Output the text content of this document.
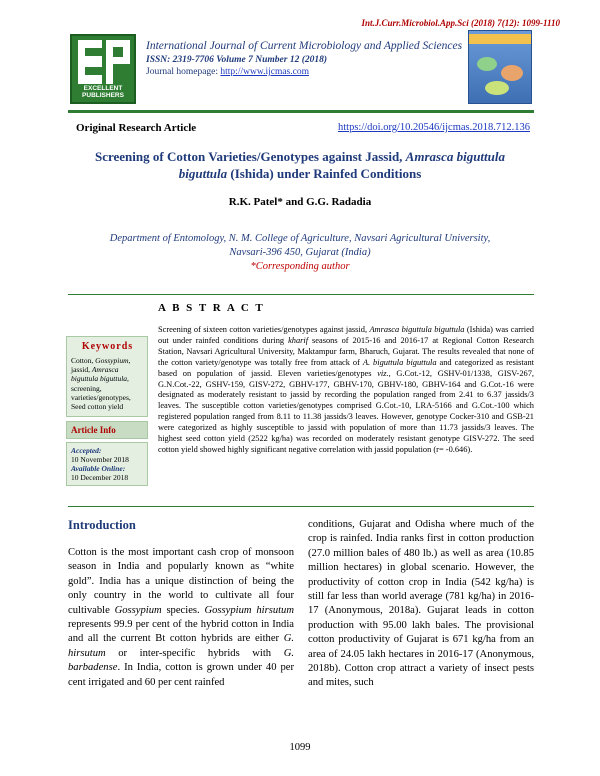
Int.J.Curr.Microbiol.App.Sci (2018) 7(12): 1099-1110
EXCELLENT PUBLISHERS
International Journal of Current Microbiology and Applied Sciences
ISSN: 2319-7706 Volume 7 Number 12 (2018)
Journal homepage: http://www.ijcmas.com
Original Research Article	https://doi.org/10.20546/ijcmas.2018.712.136
Screening of Cotton Varieties/Genotypes against Jassid, Amrasca biguttula biguttula (Ishida) under Rainfed Conditions
R.K. Patel* and G.G. Radadia
Department of Entomology, N. M. College of Agriculture, Navsari Agricultural University,
Navsari-396 450, Gujarat (India)
*Corresponding author
A B S T R A C T
Keywords
Cotton, Gossypium, jassid, Amrasca biguttula biguttula, screening, varieties/genotypes, Seed cotton yield
Article Info
Accepted:
10 November 2018
Available Online:
10 December 2018
Screening of sixteen cotton varieties/genotypes against jassid, Amrasca biguttula biguttula (Ishida) was carried out under rainfed conditions during kharif seasons of 2015-16 and 2016-17 at Regional Cotton Research Station, Navsari Agricultural University, Maktampur farm, Bharuch, Gujarat. The results revealed that none of the cotton variety/genotype was totally free from attack of A. biguttula biguttula and categorized as resistant based on population of jassid. Eleven varieties/genotypes viz., G.Cot.-12, GSHV-01/1338, GISV-267, G.N.Cot.-22, GSHV-159, GISV-272, GBHV-177, GBHV-170, GBHV-180, GBHV-164 and G.Cot.-16 were designated as moderately resistant to jassid by recording the population ranged from 2.41 to 6.37 jassids/3 leaves. The susceptible cotton varieties/genotypes comprised G.Cot.-10, LRA-5166 and G.Cot.-100 which registered population ranged from 8.11 to 11.38 jassids/3 leaves. However, genotype Cocker-310 and GSB-21 were categorized as highly susceptible to jassid with population of more than 11.73 jassids/3 leaves. The highest seed cotton yield (2522 kg/ha) was recorded on moderately resistant genotype GISV-272. The seed cotton yield showed highly significant negative correlation with jassid population (r= -0.646).
Introduction
Cotton is the most important cash crop of monsoon season in India and popularly known as “white gold”. India has a unique distinction of being the only country in the world to cultivate all four cultivable Gossypium species. Gossypium hirsutum represents 99.9 per cent of the hybrid cotton in India and all the current Bt cotton hybrids are either G. hirsutum or inter-specific hybrids with G. barbadense. In India, cotton is grown under 40 per cent irrigated and 60 per cent rainfed
conditions, Gujarat and Odisha where much of the crop is rainfed. India ranks first in cotton production (27.0 million bales of 480 lb.) as well as area (10.85 million hectares) in global scenario. However, the productivity of cotton crop in India (542 kg/ha) is still far less than world average (781 kg/ha) in 2016-17 (Anonymous, 2018a). Gujarat leads in cotton production with 95.00 lakh bales. The provisional cotton productivity of Gujarat is 671 kg/ha from an area of 24.05 lakh hectares in 2016-17 (Anonymous, 2018b). Cotton crop attract a variety of insect pests and mites, such
1099
